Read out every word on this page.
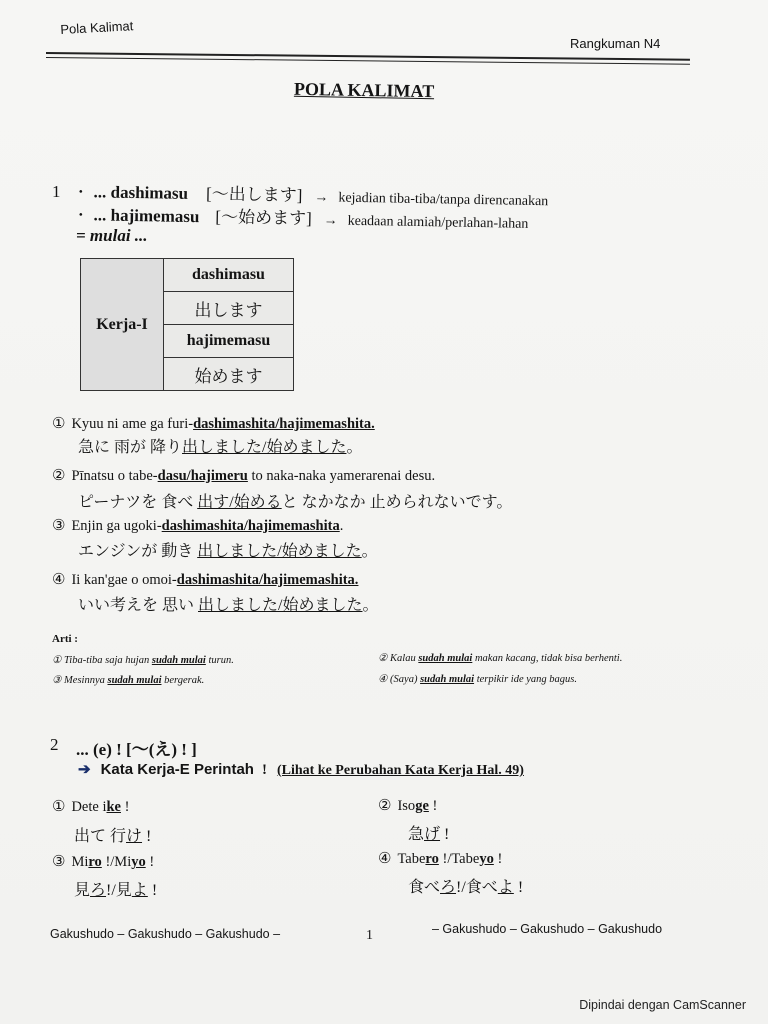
Pola Kalimat
Rangkuman N4
POLA KALIMAT
1 · ... dashimasu [〜出します] → kejadian tiba-tiba/tanpa direncanakan
· ... hajimemasu [〜始めます] → keadaan alamiah/perlahan-lahan
= mulai ...
Kerja-I	dashimasu
出します
hajimemasu
始めます
① Kyuu ni ame ga furi-dashimashita/hajimemashita.
急に 雨が 降り出しました/始めました。
② Pīnatsu o tabe-dasu/hajimeru to naka-naka yamerarenai desu.
ピーナツを 食べ 出す/始めると なかなか 止められないです。
③ Enjin ga ugoki-dashimashita/hajimemashita.
エンジンが 動き 出しました/始めました。
④ Ii kan'gae o omoi-dashimashita/hajimemashita.
いい考えを 思い 出しました/始めました。
Arti :
① Tiba-tiba saja hujan sudah mulai turun.	② Kalau sudah mulai makan kacang, tidak bisa berhenti.
③ Mesinnya sudah mulai bergerak.	④ (Saya) sudah mulai terpikir ide yang bagus.
2 ... (e) ! [〜(え) ! ]
➔ Kata Kerja-E Perintah ! (Lihat ke Perubahan Kata Kerja Hal. 49)
① Dete ike !
出て 行け !
② Isoge !
急げ !
③ Miro !/Miyo !
見ろ!/見よ !
④ Tabero !/Tabeyo !
食べろ!/食べよ !
Gakushudo – Gakushudo – Gakushudo –	1	– Gakushudo – Gakushudo – Gakushudo
Dipindai dengan CamScanner
